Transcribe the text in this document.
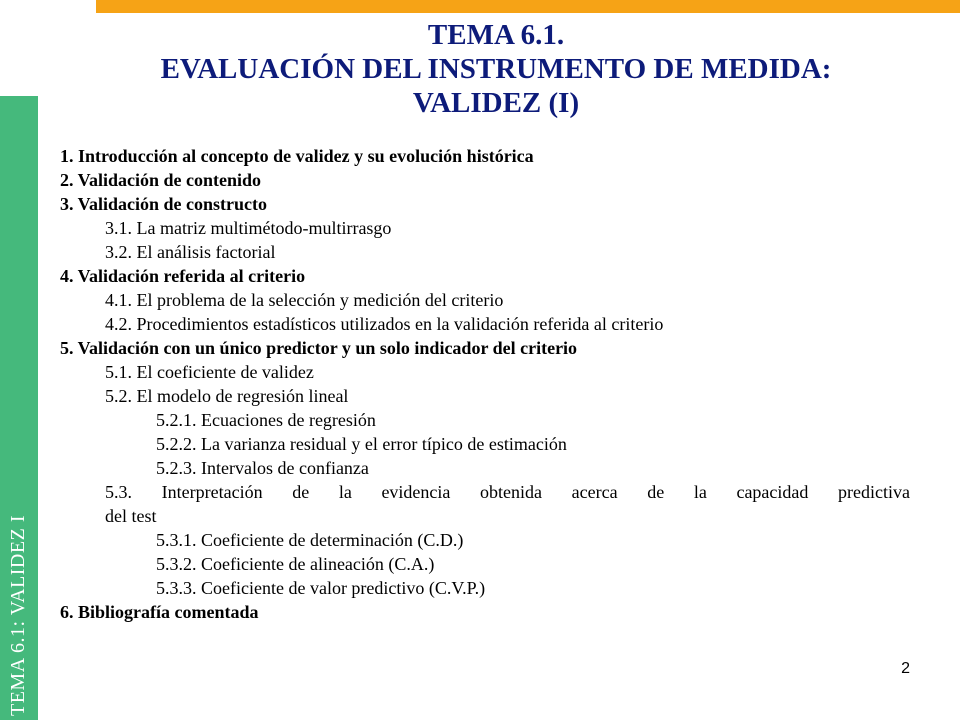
TEMA 6.1: VALIDEZ I
TEMA 6.1.
EVALUACIÓN DEL INSTRUMENTO DE MEDIDA:
VALIDEZ (I)
1. Introducción al concepto de validez y su evolución histórica
2. Validación de contenido
3. Validación de constructo
3.1. La matriz multimétodo-multirrasgo
3.2. El análisis factorial
4. Validación referida al criterio
4.1. El problema de la selección y medición del criterio
4.2. Procedimientos estadísticos utilizados en la validación referida al criterio
5. Validación con un único predictor y un solo indicador del criterio
5.1. El coeficiente de validez
5.2. El modelo de regresión lineal
5.2.1. Ecuaciones de regresión
5.2.2. La varianza residual y el error típico de estimación
5.2.3. Intervalos de confianza
5.3. Interpretación de la evidencia obtenida acerca de la capacidad predictiva
del test
5.3.1. Coeficiente de determinación (C.D.)
5.3.2. Coeficiente de alineación (C.A.)
5.3.3. Coeficiente de valor predictivo (C.V.P.)
6. Bibliografía comentada
2
